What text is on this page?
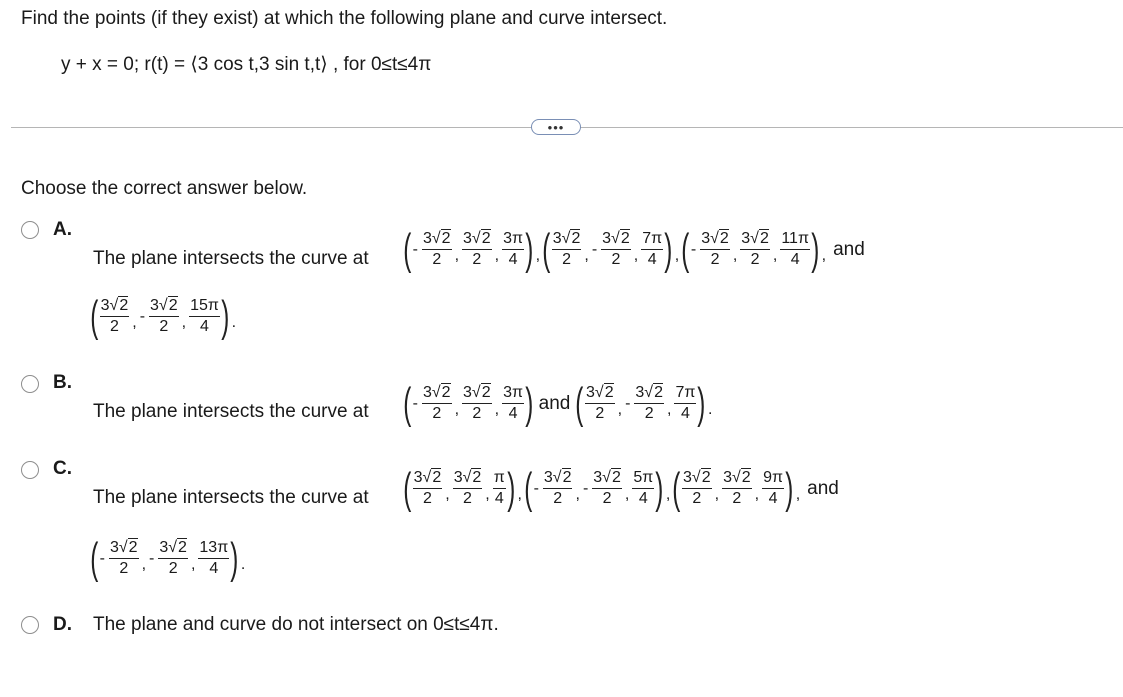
Find the points (if they exist) at which the following plane and curve intersect.
y + x = 0; r(t) = ⟨3 cos t,3 sin t,t⟩ , for 0≤t≤4π
•••
Choose the correct answer below.
A.
The plane intersects the curve at ( - $\frac{3√2}{2}$ , $\frac{3√2}{2}$ , $\frac{3\pi}{4}$ ) , ( $\frac{3√2}{2}$ , - $\frac{3√2}{2}$ , $\frac{7\pi}{4}$ ) , ( - $\frac{3√2}{2}$ , $\frac{3√2}{2}$ , $\frac{11\pi}{4}$ ) , and
( $\frac{3√2}{2}$ , - $\frac{3√2}{2}$ , $\frac{15\pi}{4}$ ) .
B.
The plane intersects the curve at ( - $\frac{3√2}{2}$ , $\frac{3√2}{2}$ , $\frac{3\pi}{4}$ ) and ( $\frac{3√2}{2}$ , - $\frac{3√2}{2}$ , $\frac{7\pi}{4}$ ) .
C.
The plane intersects the curve at ( $\frac{3√2}{2}$ , $\frac{3√2}{2}$ , $\frac{\pi}{4}$ ) , ( - $\frac{3√2}{2}$ , - $\frac{3√2}{2}$ , $\frac{5\pi}{4}$ ) , ( $\frac{3√2}{2}$ , $\frac{3√2}{2}$ , $\frac{9\pi}{4}$ ) , and
( - $\frac{3√2}{2}$ , - $\frac{3√2}{2}$ , $\frac{13\pi}{4}$ ) .
D. The plane and curve do not intersect on 0≤t≤4π.
